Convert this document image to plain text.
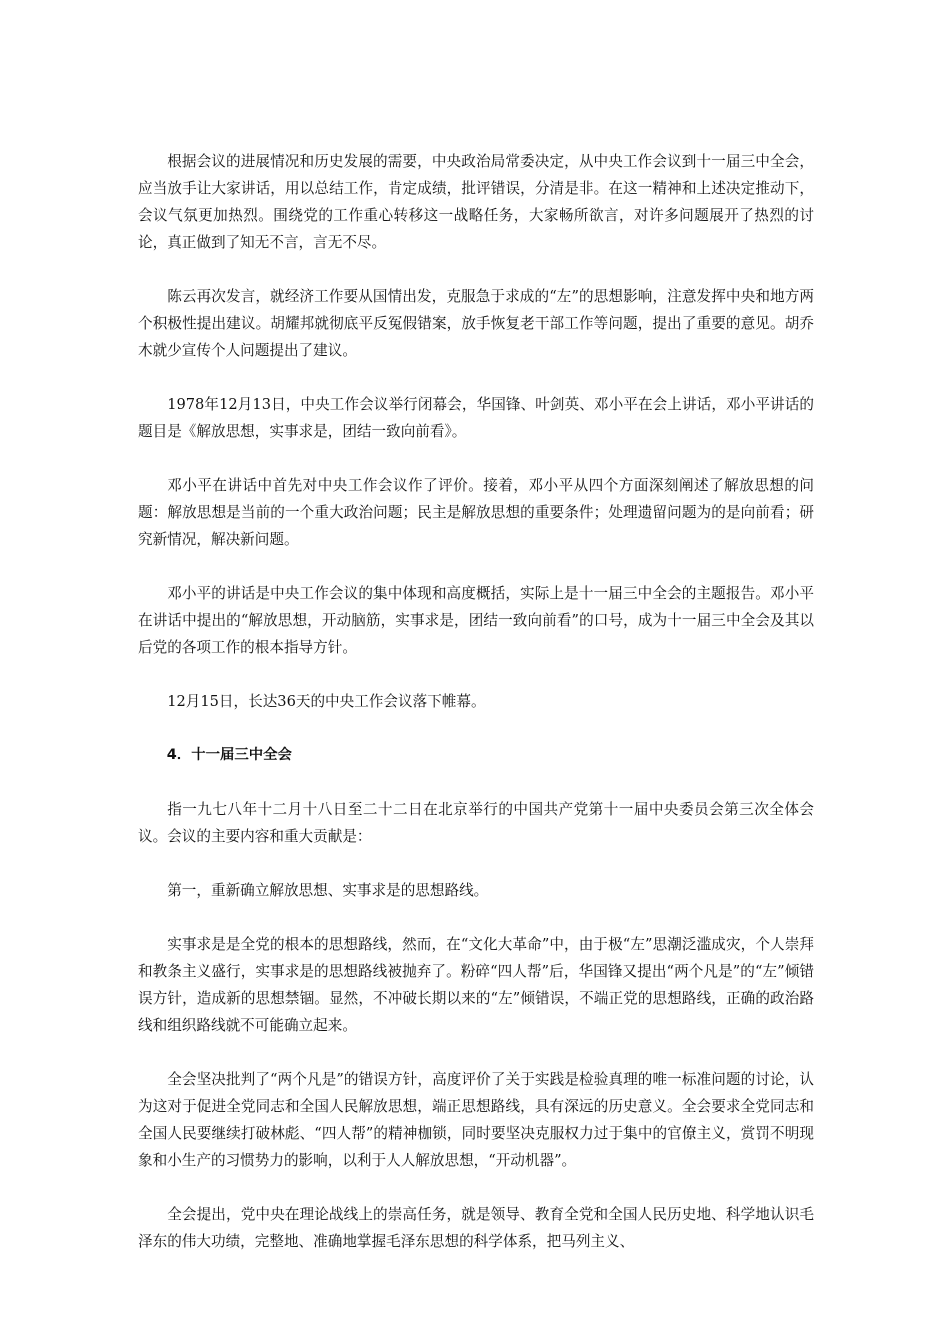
根据会议的进展情况和历史发展的需要，中央政治局常委决定，从中央工作会议到十一届三中全会，应当放手让大家讲话，用以总结工作，肯定成绩，批评错误，分清是非。在这一精神和上述决定推动下，会议气氛更加热烈。围绕党的工作重心转移这一战略任务，大家畅所欲言，对许多问题展开了热烈的讨论，真正做到了知无不言，言无不尽。

陈云再次发言，就经济工作要从国情出发，克服急于求成的“左”的思想影响，注意发挥中央和地方两个积极性提出建议。胡耀邦就彻底平反冤假错案，放手恢复老干部工作等问题，提出了重要的意见。胡乔木就少宣传个人问题提出了建议。

1978年12月13日，中央工作会议举行闭幕会，华国锋、叶剑英、邓小平在会上讲话，邓小平讲话的题目是《解放思想，实事求是，团结一致向前看》。

邓小平在讲话中首先对中央工作会议作了评价。接着，邓小平从四个方面深刻阐述了解放思想的问题：解放思想是当前的一个重大政治问题；民主是解放思想的重要条件；处理遗留问题为的是向前看；研究新情况，解决新问题。

邓小平的讲话是中央工作会议的集中体现和高度概括，实际上是十一届三中全会的主题报告。邓小平在讲话中提出的“解放思想，开动脑筋，实事求是，团结一致向前看”的口号，成为十一届三中全会及其以后党的各项工作的根本指导方针。

12月15日，长达36天的中央工作会议落下帷幕。

4．十一届三中全会

指一九七八年十二月十八日至二十二日在北京举行的中国共产党第十一届中央委员会第三次全体会议。会议的主要内容和重大贡献是：

第一，重新确立解放思想、实事求是的思想路线。

实事求是是全党的根本的思想路线，然而，在“文化大革命”中，由于极“左”思潮泛滥成灾，个人崇拜和教条主义盛行，实事求是的思想路线被抛弃了。粉碎“四人帮”后，华国锋又提出“两个凡是”的“左”倾错误方针，造成新的思想禁锢。显然，不冲破长期以来的“左”倾错误，不端正党的思想路线，正确的政治路线和组织路线就不可能确立起来。

全会坚决批判了“两个凡是”的错误方针，高度评价了关于实践是检验真理的唯一标准问题的讨论，认为这对于促进全党同志和全国人民解放思想，端正思想路线，具有深远的历史意义。全会要求全党同志和全国人民要继续打破林彪、“四人帮”的精神枷锁，同时要坚决克服权力过于集中的官僚主义，赏罚不明现象和小生产的习惯势力的影响，以利于人人解放思想，“开动机器”。

全会提出，党中央在理论战线上的崇高任务，就是领导、教育全党和全国人民历史地、科学地认识毛泽东的伟大功绩，完整地、准确地掌握毛泽东思想的科学体系，把马列主义、
